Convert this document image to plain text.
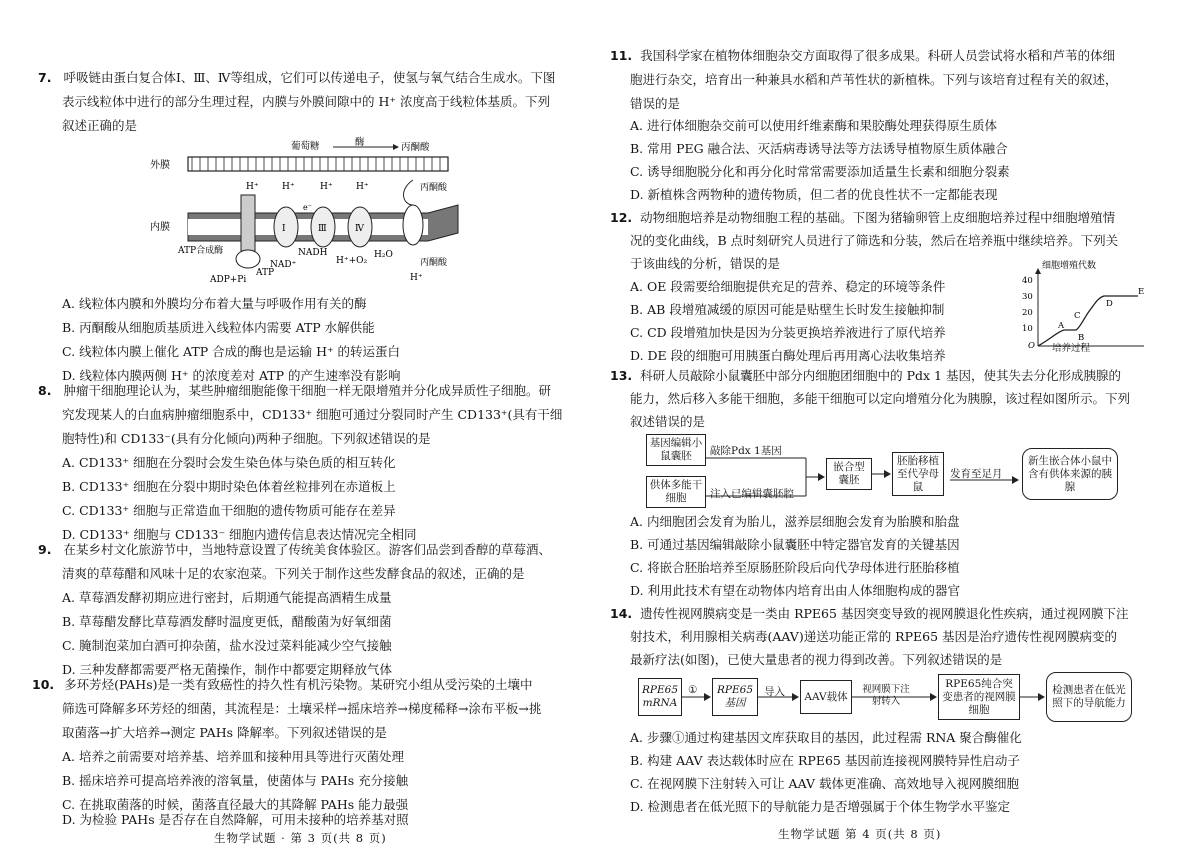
7. 呼吸链由蛋白复合体Ⅰ、Ⅲ、Ⅳ等组成，它们可以传递电子，使氢与氧气结合生成水。下图
表示线粒体中进行的部分生理过程，内膜与外膜间隙中的 H⁺ 浓度高于线粒体基质。下列
叙述正确的是
外膜
葡萄糖	酶	丙酮酸
内膜
H⁺
ATP合成酶
ADP+Pi
ATP
Ⅰ	Ⅲ	Ⅳ
H⁺	H⁺	H⁺
NADH
NAD⁺	H⁺+O₂
H₂O
e⁻
丙酮酸
丙酮酸
H⁺
A. 线粒体内膜和外膜均分布着大量与呼吸作用有关的酶
B. 丙酮酸从细胞质基质进入线粒体内需要 ATP 水解供能
C. 线粒体内膜上催化 ATP 合成的酶也是运输 H⁺ 的转运蛋白
D. 线粒体内膜两侧 H⁺ 的浓度差对 ATP 的产生速率没有影响
8. 肿瘤干细胞理论认为，某些肿瘤细胞能像干细胞一样无限增殖并分化成异质性子细胞。研
究发现某人的白血病肿瘤细胞系中，CD133⁺ 细胞可通过分裂同时产生 CD133⁺(具有干细
胞特性)和 CD133⁻(具有分化倾向)两种子细胞。下列叙述错误的是
A. CD133⁺ 细胞在分裂时会发生染色体与染色质的相互转化
B. CD133⁺ 细胞在分裂中期时染色体着丝粒排列在赤道板上
C. CD133⁺ 细胞与正常造血干细胞的遗传物质可能存在差异
D. CD133⁺ 细胞与 CD133⁻ 细胞内遗传信息表达情况完全相同
9. 在某乡村文化旅游节中，当地特意设置了传统美食体验区。游客们品尝到香醇的草莓酒、
清爽的草莓醋和风味十足的农家泡菜。下列关于制作这些发酵食品的叙述，正确的是
A. 草莓酒发酵初期应进行密封，后期通气能提高酒精生成量
B. 草莓醋发酵比草莓酒发酵时温度更低，醋酸菌为好氧细菌
C. 腌制泡菜加白酒可抑杂菌，盐水没过菜料能减少空气接触
D. 三种发酵都需要严格无菌操作，制作中都要定期释放气体
10. 多环芳烃(PAHs)是一类有致癌性的持久性有机污染物。某研究小组从受污染的土壤中
筛选可降解多环芳烃的细菌，其流程是：土壤采样→摇床培养→梯度稀释→涂布平板→挑
取菌落→扩大培养→测定 PAHs 降解率。下列叙述错误的是
A. 培养之前需要对培养基、培养皿和接种用具等进行灭菌处理
B. 摇床培养可提高培养液的溶氧量，使菌体与 PAHs 充分接触
C. 在挑取菌落的时候，菌落直径最大的其降解 PAHs 能力最强
D. 为检验 PAHs 是否存在自然降解，可用未接种的培养基对照
生物学试题 · 第 3 页(共 8 页)
11. 我国科学家在植物体细胞杂交方面取得了很多成果。科研人员尝试将水稻和芦苇的体细
胞进行杂交，培育出一种兼具水稻和芦苇性状的新植株。下列与该培育过程有关的叙述，
错误的是
A. 进行体细胞杂交前可以使用纤维素酶和果胶酶处理获得原生质体
B. 常用 PEG 融合法、灭活病毒诱导法等方法诱导植物原生质体融合
C. 诱导细胞脱分化和再分化时常常需要添加适量生长素和细胞分裂素
D. 新植株含两物种的遗传物质，但二者的优良性状不一定都能表现
12. 动物细胞培养是动物细胞工程的基础。下图为猪输卵管上皮细胞培养过程中细胞增殖情
况的变化曲线，B 点时刻研究人员进行了筛选和分装，然后在培养瓶中继续培养。下列关
于该曲线的分析，错误的是
A. OE 段需要给细胞提供充足的营养、稳定的环境等条件
B. AB 段增殖减缓的原因可能是贴壁生长时发生接触抑制
C. CD 段增殖加快是因为分装更换培养液进行了原代培养
D. DE 段的细胞可用胰蛋白酶处理后再用离心法收集培养
细胞增殖代数
40
30
20
10
O
A
B
C
D
E
培养过程
13. 科研人员敲除小鼠囊胚中部分内细胞团细胞中的 Pdx 1 基因，使其失去分化形成胰腺的
能力，然后移入多能干细胞，多能干细胞可以定向增殖分化为胰腺，该过程如图所示。下列
叙述错误的是
基因编辑小鼠囊胚	敲除Pdx 1基因
供体多能干细胞	注入已编辑囊胚腔
嵌合型囊胚
胚胎移植至代孕母鼠
发育至足月
新生嵌合体小鼠中含有供体来源的胰腺
A. 内细胞团会发育为胎儿，滋养层细胞会发育为胎膜和胎盘
B. 可通过基因编辑敲除小鼠囊胚中特定器官发育的关键基因
C. 将嵌合胚胎培养至原肠胚阶段后向代孕母体进行胚胎移植
D. 利用此技术有望在动物体内培育出由人体细胞构成的器官
14. 遗传性视网膜病变是一类由 RPE65 基因突变导致的视网膜退化性疾病，通过视网膜下注
射技术，利用腺相关病毒(AAV)递送功能正常的 RPE65 基因是治疗遗传性视网膜病变的
最新疗法(如图)，已使大量患者的视力得到改善。下列叙述错误的是
RPE65 mRNA
①	RPE65 基因
导入	AAV载体
视网膜下注射转入
RPE65纯合突变患者的视网膜细胞
检测患者在低光照下的导航能力
A. 步骤①通过构建基因文库获取目的基因，此过程需 RNA 聚合酶催化
B. 构建 AAV 表达载体时应在 RPE65 基因前连接视网膜特异性启动子
C. 在视网膜下注射转入可让 AAV 载体更准确、高效地导入视网膜细胞
D. 检测患者在低光照下的导航能力是否增强属于个体生物学水平鉴定
生物学试题 第 4 页(共 8 页)
